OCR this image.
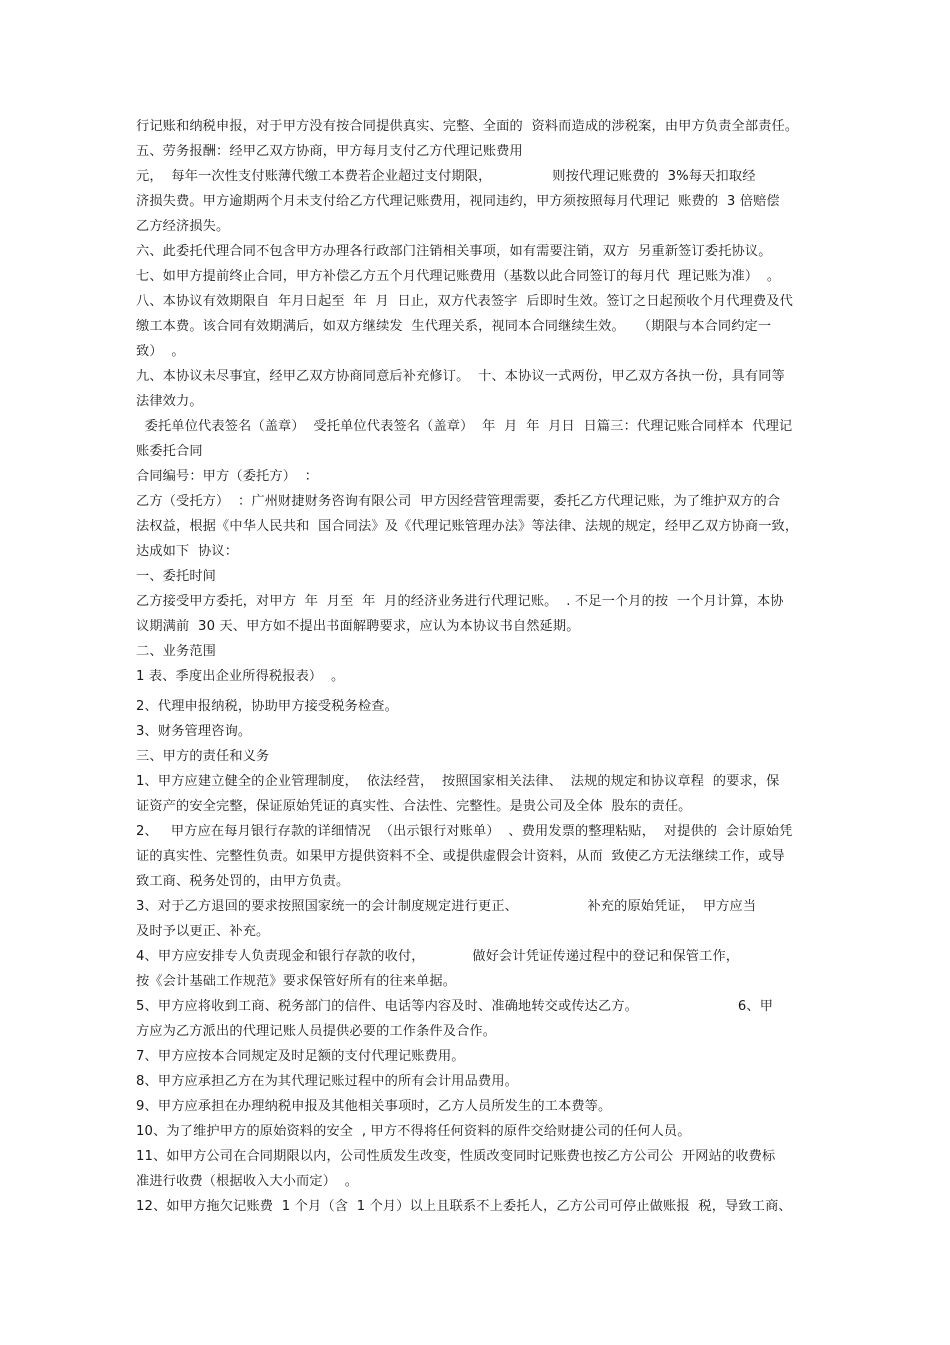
行记账和纳税申报，对于甲方没有按合同提供真实、完整、全面的  资料而造成的涉税案，由甲方负责全部责任。

五、劳务报酬：经甲乙双方协商，甲方每月支付乙方代理记账费用

元，  每年一次性支付账薄代缴工本费若企业超过支付期限，              则按代理记账费的  3%每天扣取经

济损失费。甲方逾期两个月未支付给乙方代理记账费用，视同违约，甲方须按照每月代理记  账费的  3 倍赔偿

乙方经济损失。

六、此委托代理合同不包含甲方办理各行政部门注销相关事项，如有需要注销，双方  另重新签订委托协议。

七、如甲方提前终止合同，甲方补偿乙方五个月代理记账费用（基数以此合同签订的每月代  理记账为准）  。

八、本协议有效期限自  年月日起至  年  月  日止，双方代表签字  后即时生效。签订之日起预收个月代理费及代

缴工本费。该合同有效期满后，如双方继续发  生代理关系，视同本合同继续生效。   （期限与本合同约定一

致）  。

九、本协议未尽事宜，经甲乙双方协商同意后补充修订。  十、本协议一式两份，甲乙双方各执一份，具有同等

法律效力。

委托单位代表签名（盖章）  受托单位代表签名（盖章）  年  月  年  月日  日篇三：代理记账合同样本  代理记

账委托合同

合同编号：甲方（委托方）  ：

乙方（受托方）  ：广州财捷财务咨询有限公司  甲方因经营管理需要，委托乙方代理记账，为了维护双方的合

法权益，根据《中华人民共和  国合同法》及《代理记账管理办法》等法律、法规的规定，经甲乙双方协商一致，

达成如下  协议：

一、委托时间

乙方接受甲方委托，对甲方  年  月至  年  月的经济业务进行代理记账。  . 不足一个月的按  一个月计算，本协

议期满前  30 天、甲方如不提出书面解聘要求，应认为本协议书自然延期。

二、业务范围

1 表、季度出企业所得税报表）  。

2、代理申报纳税，协助甲方接受税务检查。

3、财务管理咨询。

三、甲方的责任和义务

1、甲方应建立健全的企业管理制度，  依法经营，  按照国家相关法律、  法规的规定和协议章程  的要求，保

证资产的安全完整，保证原始凭证的真实性、合法性、完整性。是贵公司及全体  股东的责任。

2、   甲方应在每月银行存款的详细情况  （出示银行对账单）  、费用发票的整理粘贴，  对提供的  会计原始凭

证的真实性、完整性负责。如果甲方提供资料不全、或提供虚假会计资料，从而  致使乙方无法继续工作，或导

致工商、税务处罚的，由甲方负责。

3、对于乙方退回的要求按照国家统一的会计制度规定进行更正、                补充的原始凭证，  甲方应当

及时予以更正、补充。

4、甲方应安排专人负责现金和银行存款的收付，           做好会计凭证传递过程中的登记和保管工作，

按《会计基础工作规范》要求保管好所有的往来单据。

5、甲方应将收到工商、税务部门的信件、电话等内容及时、准确地转交或传达乙方。                       6、甲

方应为乙方派出的代理记账人员提供必要的工作条件及合作。

7、甲方应按本合同规定及时足额的支付代理记账费用。

8、甲方应承担乙方在为其代理记账过程中的所有会计用品费用。

9、甲方应承担在办理纳税申报及其他相关事项时，乙方人员所发生的工本费等。

10、为了维护甲方的原始资料的安全  , 甲方不得将任何资料的原件交给财捷公司的任何人员。

11、如甲方公司在合同期限以内，公司性质发生改变，性质改变同时记账费也按乙方公司公  开网站的收费标

准进行收费（根据收入大小而定）  。

12、如甲方拖欠记账费  1 个月（含  1 个月）以上且联系不上委托人，乙方公司可停止做账报  税，导致工商、
